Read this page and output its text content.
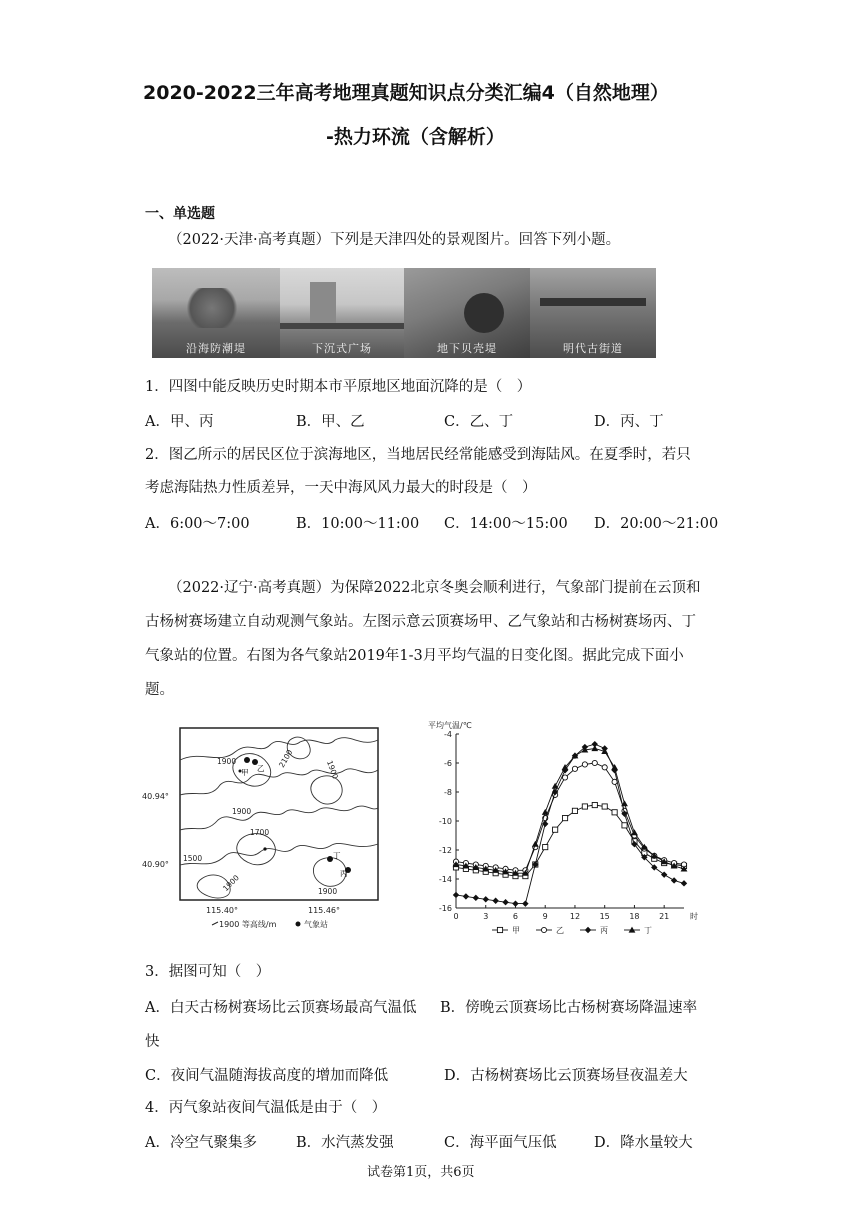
2020-2022三年高考地理真题知识点分类汇编4（自然地理）
-热力环流（含解析）
一、单选题
（2022·天津·高考真题）下列是天津四处的景观图片。回答下列小题。
沿海防潮堤	下沉式广场	地下贝壳堤	明代古街道
1．四图中能反映历史时期本市平原地区地面沉降的是（　）
A．甲、丙	B．甲、乙	C．乙、丁	D．丙、丁
2．图乙所示的居民区位于滨海地区，当地居民经常能感受到海陆风。在夏季时，若只
考虑海陆热力性质差异，一天中海风风力最大的时段是（　）
A．6:00～7:00	B．10:00～11:00 C．14:00～15:00 D．20:00～21:00
（2022·辽宁·高考真题）为保障2022北京冬奥会顺利进行，气象部门提前在云顶和
古杨树赛场建立自动观测气象站。左图示意云顶赛场甲、乙气象站和古杨树赛场丙、丁
气象站的位置。右图为各气象站2019年1-3月平均气温的日变化图。据此完成下面小
题。
40.94°
40.90°
115.40°	115.46°
1900	2100
1900
1900
1700
1500
1900	1900
甲 乙
丙
丁
1900 等高线/m	气象站
平均气温/℃
-4
-6
-8
-10
-12
-14
-16
0	3	6	9	12 15 18 21	时
甲	乙	丙	丁
3．据图可知（　）
A．白天古杨树赛场比云顶赛场最高气温低 B．傍晚云顶赛场比古杨树赛场降温速率
快
C．夜间气温随海拔高度的增加而降低	D．古杨树赛场比云顶赛场昼夜温差大
4．丙气象站夜间气温低是由于（　）
A．冷空气聚集多	B．水汽蒸发强	C．海平面气压低	D．降水量较大
试卷第1页，共6页
